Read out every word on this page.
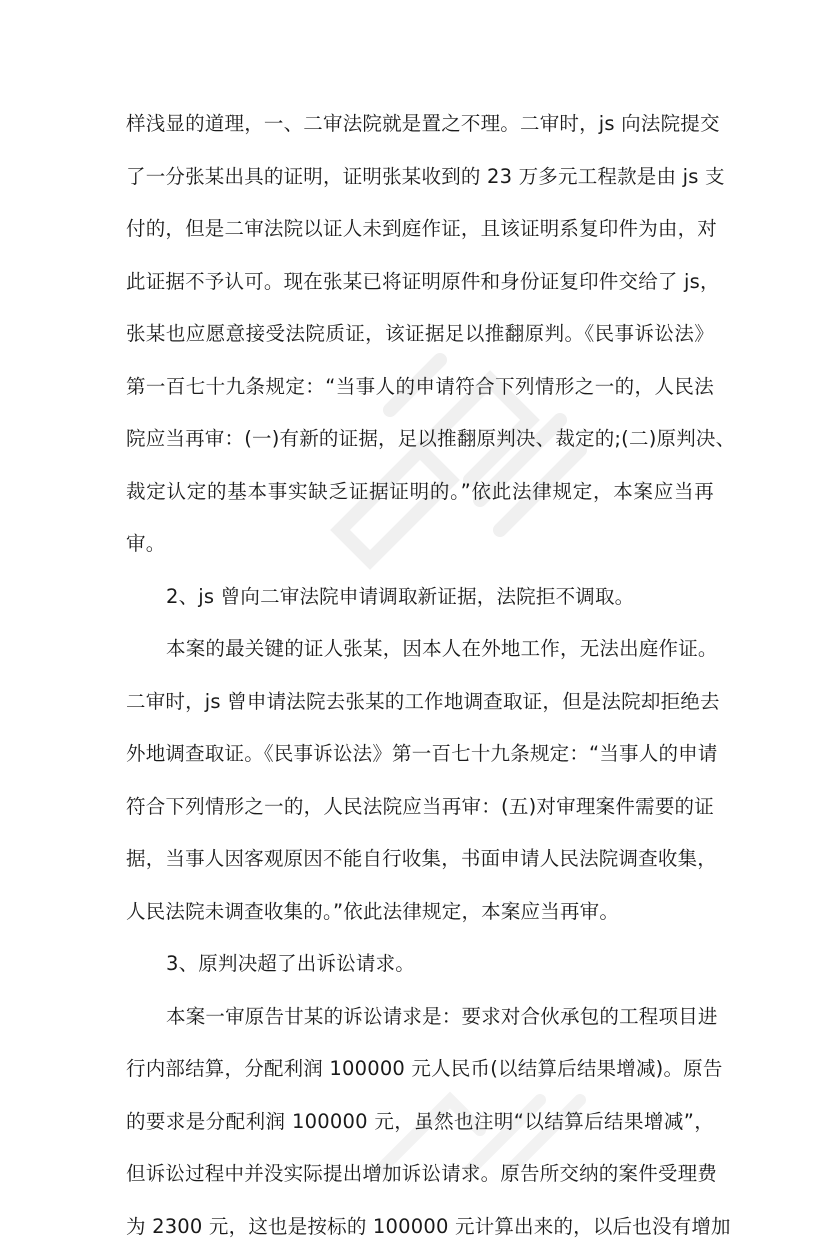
样浅显的道理，一、二审法院就是置之不理。二审时，js 向法院提交
了一分张某出具的证明，证明张某收到的 23 万多元工程款是由 js 支
付的，但是二审法院以证人未到庭作证，且该证明系复印件为由，对
此证据不予认可。现在张某已将证明原件和身份证复印件交给了 js，
张某也应愿意接受法院质证，该证据足以推翻原判。《民事诉讼法》
第一百七十九条规定：“当事人的申请符合下列情形之一的，人民法
院应当再审：(一)有新的证据，足以推翻原判决、裁定的;(二)原判决、
裁定认定的基本事实缺乏证据证明的。”依此法律规定，本案应当再
审。
2、js 曾向二审法院申请调取新证据，法院拒不调取。
本案的最关键的证人张某，因本人在外地工作，无法出庭作证。
二审时，js 曾申请法院去张某的工作地调查取证，但是法院却拒绝去
外地调查取证。《民事诉讼法》第一百七十九条规定：“当事人的申请
符合下列情形之一的，人民法院应当再审：(五)对审理案件需要的证
据，当事人因客观原因不能自行收集，书面申请人民法院调查收集，
人民法院未调查收集的。”依此法律规定，本案应当再审。
3、原判决超了出诉讼请求。
本案一审原告甘某的诉讼请求是：要求对合伙承包的工程项目进
行内部结算，分配利润 100000 元人民币(以结算后结果增减)。原告
的要求是分配利润 100000 元，虽然也注明“以结算后结果增减”，
但诉讼过程中并没实际提出增加诉讼请求。原告所交纳的案件受理费
为 2300 元，这也是按标的 100000 元计算出来的，以后也没有增加
